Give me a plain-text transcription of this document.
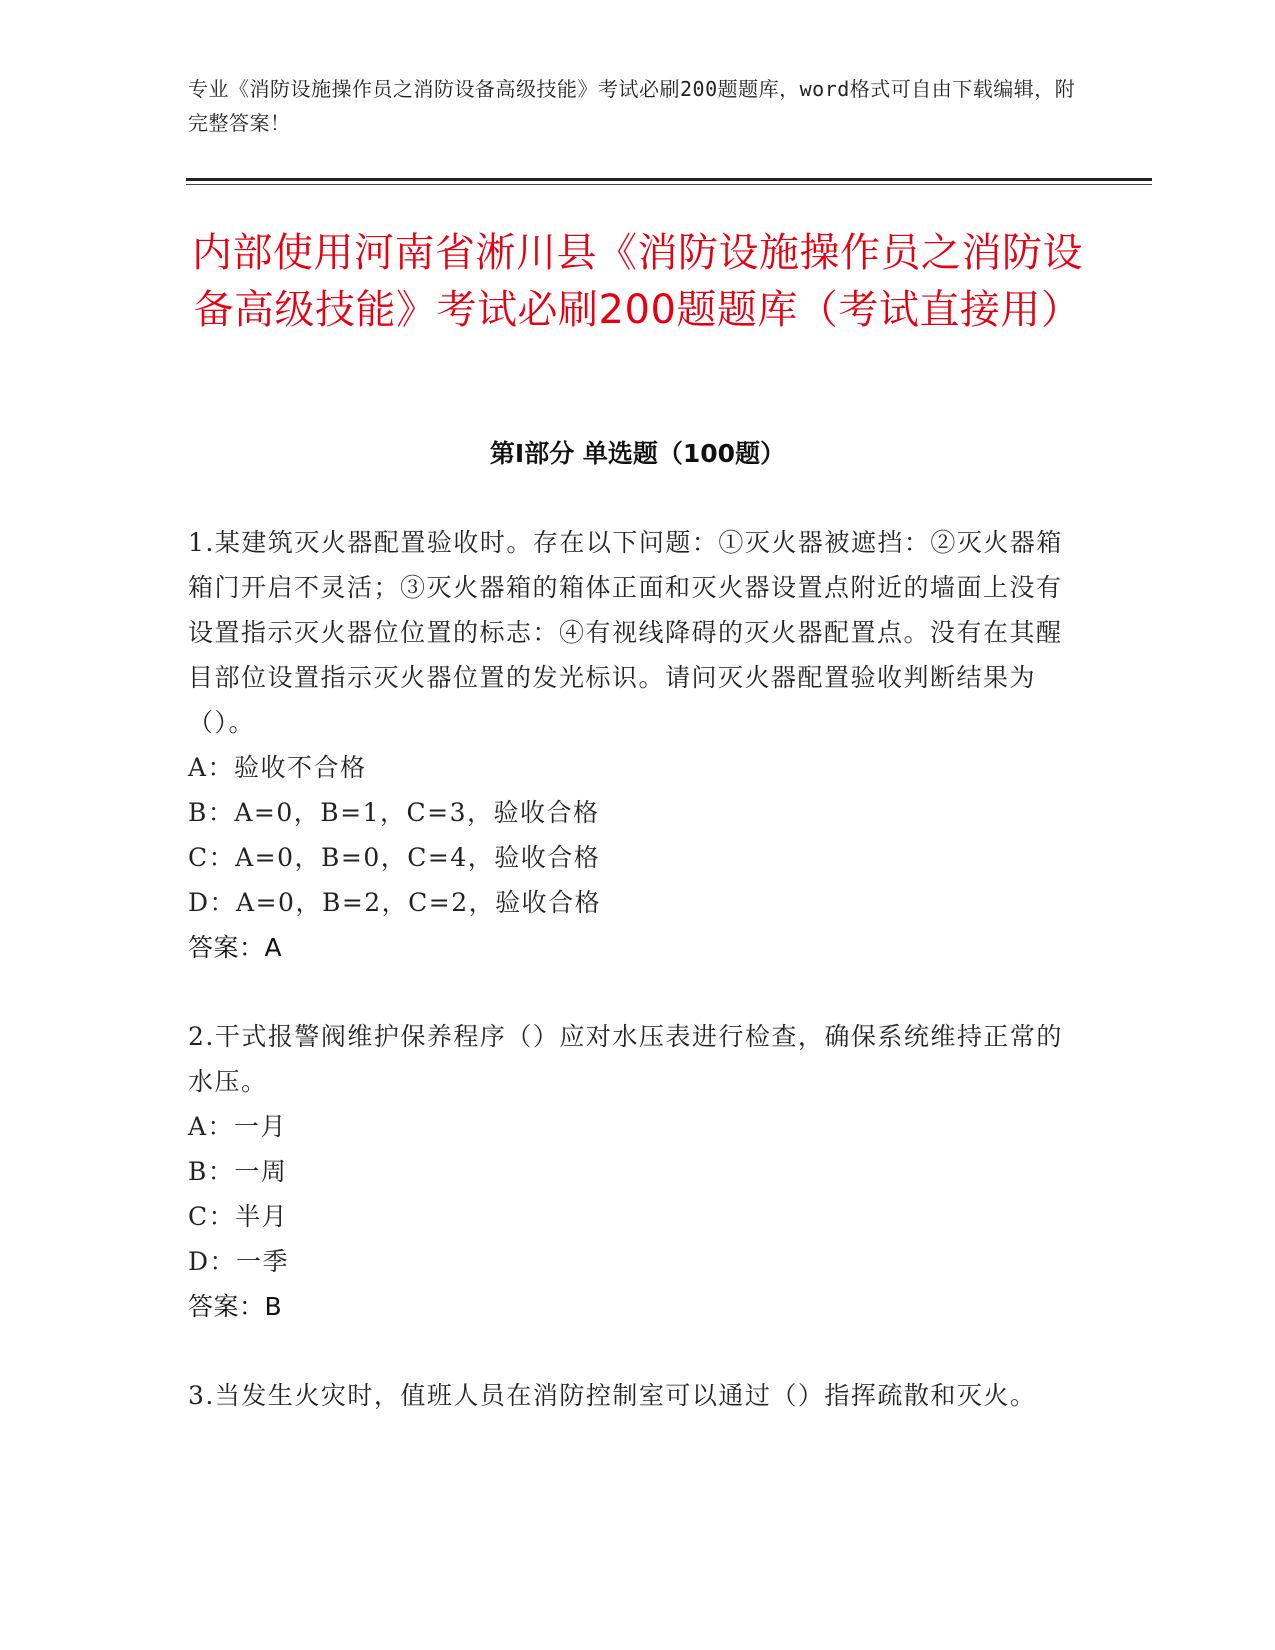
专业《消防设施操作员之消防设备高级技能》考试必刷200题题库，word格式可自由下载编辑，附完整答案！
内部使用河南省淅川县《消防设施操作员之消防设备高级技能》考试必刷200题题库（考试直接用）
第Ⅰ部分 单选题（100题）

1.某建筑灭火器配置验收时。存在以下问题：①灭火器被遮挡：②灭火器箱箱门开启不灵活；③灭火器箱的箱体正面和灭火器设置点附近的墙面上没有设置指示灭火器位位置的标志：④有视线降碍的灭火器配置点。没有在其醒目部位设置指示灭火器位置的发光标识。请问灭火器配置验收判断结果为（）。

A：验收不合格

B：A=0，B=1，C=3，验收合格

C：A=0，B=0，C=4，验收合格

D：A=0，B=2，C=2，验收合格

答案：A

2.干式报警阀维护保养程序（）应对水压表进行检查，确保系统维持正常的水压。

A：一月

B：一周

C：半月

D：一季

答案：B

3.当发生火灾时，值班人员在消防控制室可以通过（）指挥疏散和灭火。
